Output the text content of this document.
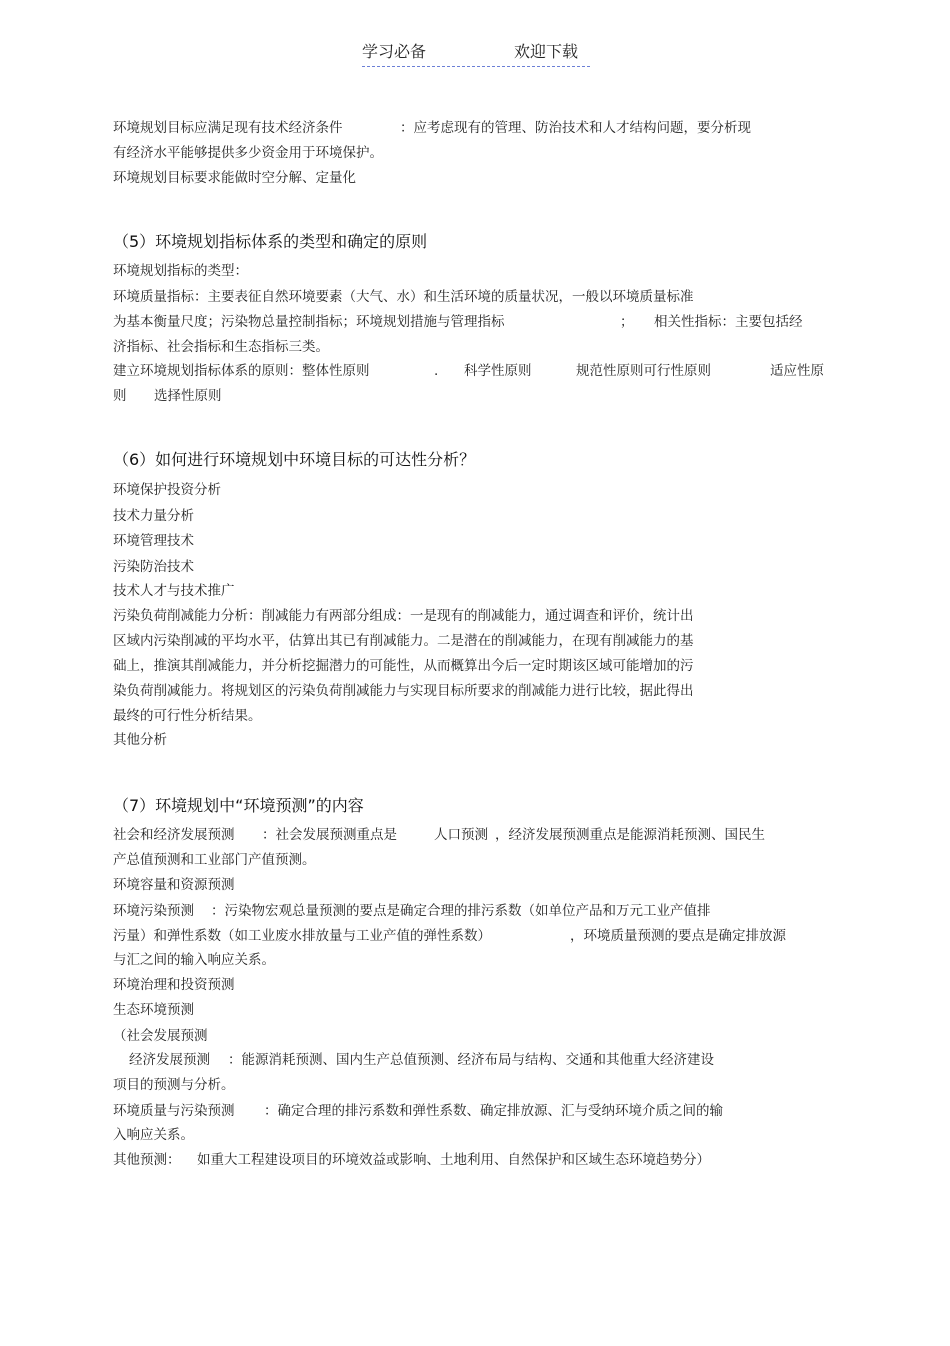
学习必备	欢迎下载
环境规划目标应满足现有技术经济条件	：应考虑现有的管理、防治技术和人才结构问题，要分析现
有经济水平能够提供多少资金用于环境保护。
环境规划目标要求能做时空分解、定量化
（5）环境规划指标体系的类型和确定的原则
环境规划指标的类型：
环境质量指标：主要表征自然环境要素（大气、水）和生活环境的质量状况，一般以环境质量标准
为基本衡量尺度；污染物总量控制指标；环境规划措施与管理指标	； 相关性指标：主要包括经
济指标、社会指标和生态指标三类。
建立环境规划指标体系的原则：整体性原则	. 科学性原则	规范性原则可行性原则	适应性原
则 选择性原则
（6）如何进行环境规划中环境目标的可达性分析？
环境保护投资分析
技术力量分析
环境管理技术
污染防治技术
技术人才与技术推广
污染负荷削减能力分析：削减能力有两部分组成：一是现有的削减能力，通过调查和评价，统计出
区域内污染削减的平均水平，估算出其已有削减能力。二是潜在的削减能力，在现有削减能力的基
础上，推演其削减能力，并分析挖掘潜力的可能性，从而概算出今后一定时期该区域可能增加的污
染负荷削减能力。将规划区的污染负荷削减能力与实现目标所要求的削减能力进行比较，据此得出
最终的可行性分析结果。
其他分析
（7）环境规划中“环境预测”的内容
社会和经济发展预测 ：社会发展预测重点是	人口预测 ，经济发展预测重点是能源消耗预测、国民生
产总值预测和工业部门产值预测。
环境容量和资源预测
环境污染预测 ：污染物宏观总量预测的要点是确定合理的排污系数（如单位产品和万元工业产值排
污量）和弹性系数（如工业废水排放量与工业产值的弹性系数）	，环境质量预测的要点是确定排放源
与汇之间的输入响应关系。
环境治理和投资预测
生态环境预测
（社会发展预测
经济发展预测 ：能源消耗预测、国内生产总值预测、经济布局与结构、交通和其他重大经济建设
项目的预测与分析。
环境质量与污染预测 ：确定合理的排污系数和弹性系数、确定排放源、汇与受纳环境介质之间的输
入响应关系。
其他预测： 如重大工程建设项目的环境效益或影响、土地利用、自然保护和区域生态环境趋势分）
